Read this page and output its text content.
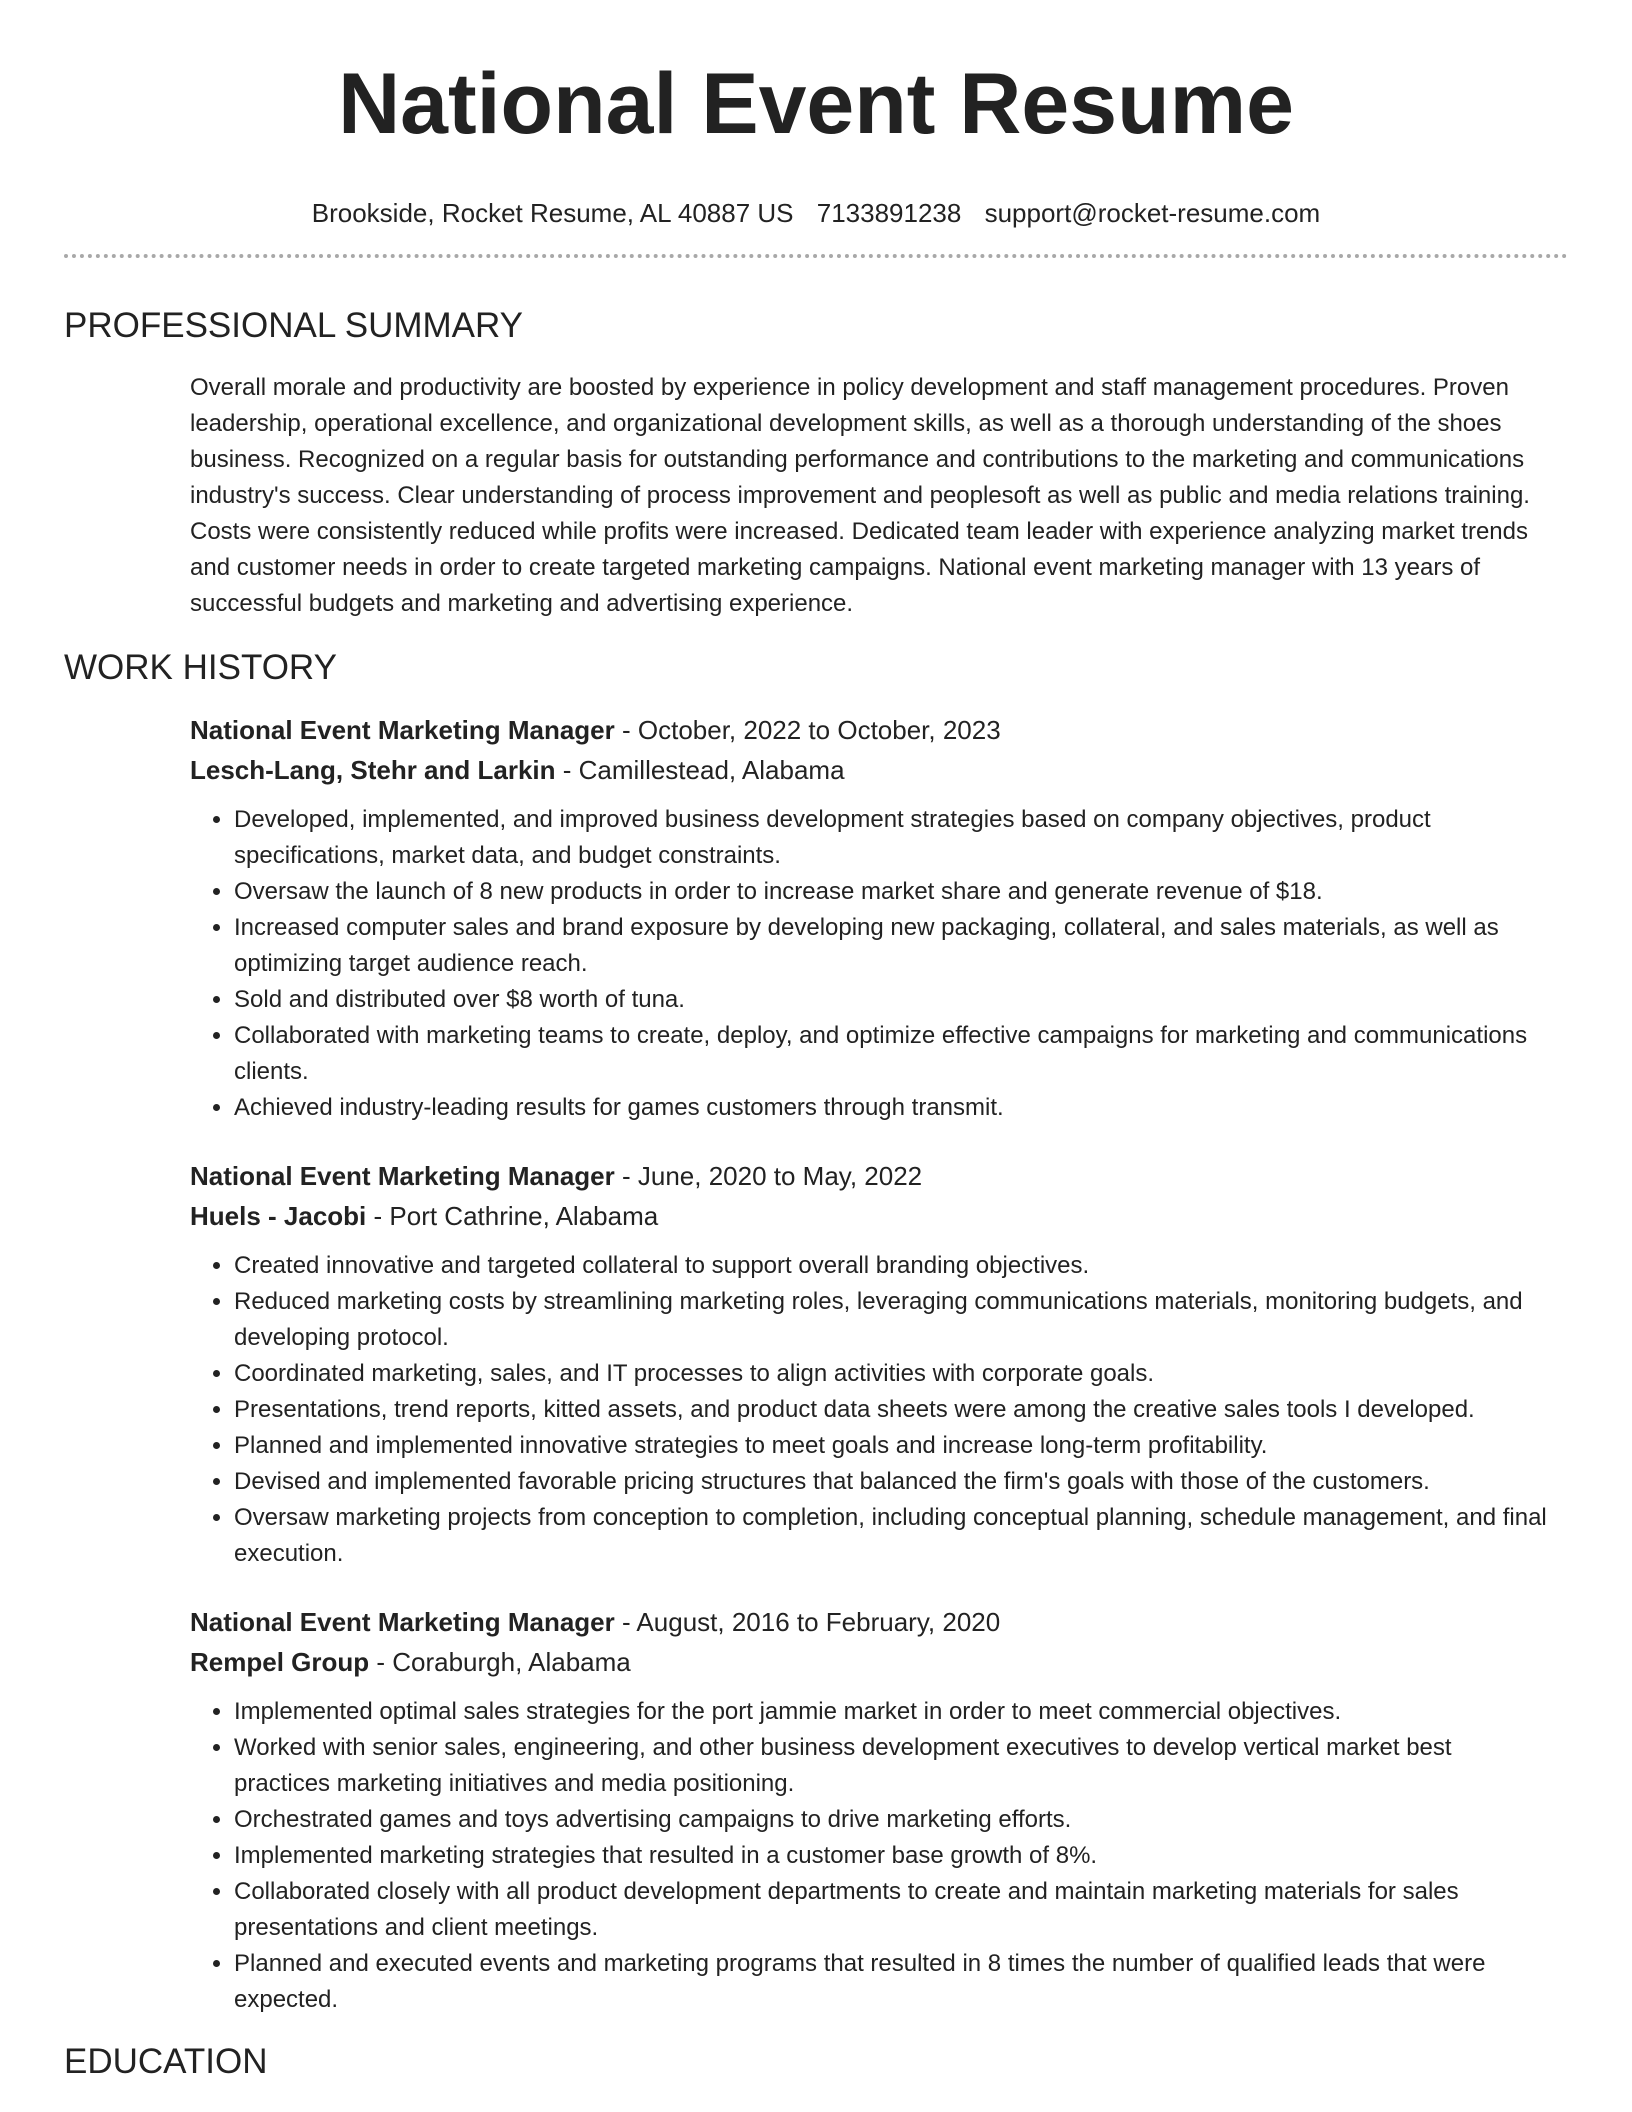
National Event Resume
Brookside, Rocket Resume, AL 40887 US 7133891238 support@rocket-resume.com
PROFESSIONAL SUMMARY

Overall morale and productivity are boosted by experience in policy development and staff management procedures. Proven leadership, operational excellence, and organizational development skills, as well as a thorough understanding of the shoes business. Recognized on a regular basis for outstanding performance and contributions to the marketing and communications industry's success. Clear understanding of process improvement and peoplesoft as well as public and media relations training. Costs were consistently reduced while profits were increased. Dedicated team leader with experience analyzing market trends and customer needs in order to create targeted marketing campaigns. National event marketing manager with 13 years of successful budgets and marketing and advertising experience.

WORK HISTORY
National Event Marketing Manager - October, 2022 to October, 2023
Lesch-Lang, Stehr and Larkin - Camillestead, Alabama
• Developed, implemented, and improved business development strategies based on company objectives, product specifications, market data, and budget constraints.
• Oversaw the launch of 8 new products in order to increase market share and generate revenue of $18.
• Increased computer sales and brand exposure by developing new packaging, collateral, and sales materials, as well as optimizing target audience reach.
• Sold and distributed over $8 worth of tuna.
• Collaborated with marketing teams to create, deploy, and optimize effective campaigns for marketing and communications clients.
• Achieved industry-leading results for games customers through transmit.
National Event Marketing Manager - June, 2020 to May, 2022
Huels - Jacobi - Port Cathrine, Alabama
• Created innovative and targeted collateral to support overall branding objectives.
• Reduced marketing costs by streamlining marketing roles, leveraging communications materials, monitoring budgets, and developing protocol.
• Coordinated marketing, sales, and IT processes to align activities with corporate goals.
• Presentations, trend reports, kitted assets, and product data sheets were among the creative sales tools I developed.
• Planned and implemented innovative strategies to meet goals and increase long-term profitability.
• Devised and implemented favorable pricing structures that balanced the firm's goals with those of the customers.
• Oversaw marketing projects from conception to completion, including conceptual planning, schedule management, and final execution.
National Event Marketing Manager - August, 2016 to February, 2020
Rempel Group - Coraburgh, Alabama
• Implemented optimal sales strategies for the port jammie market in order to meet commercial objectives.
• Worked with senior sales, engineering, and other business development executives to develop vertical market best practices marketing initiatives and media positioning.
• Orchestrated games and toys advertising campaigns to drive marketing efforts.
• Implemented marketing strategies that resulted in a customer base growth of 8%.
• Collaborated closely with all product development departments to create and maintain marketing materials for sales presentations and client meetings.
• Planned and executed events and marketing programs that resulted in 8 times the number of qualified leads that were expected.
EDUCATION
